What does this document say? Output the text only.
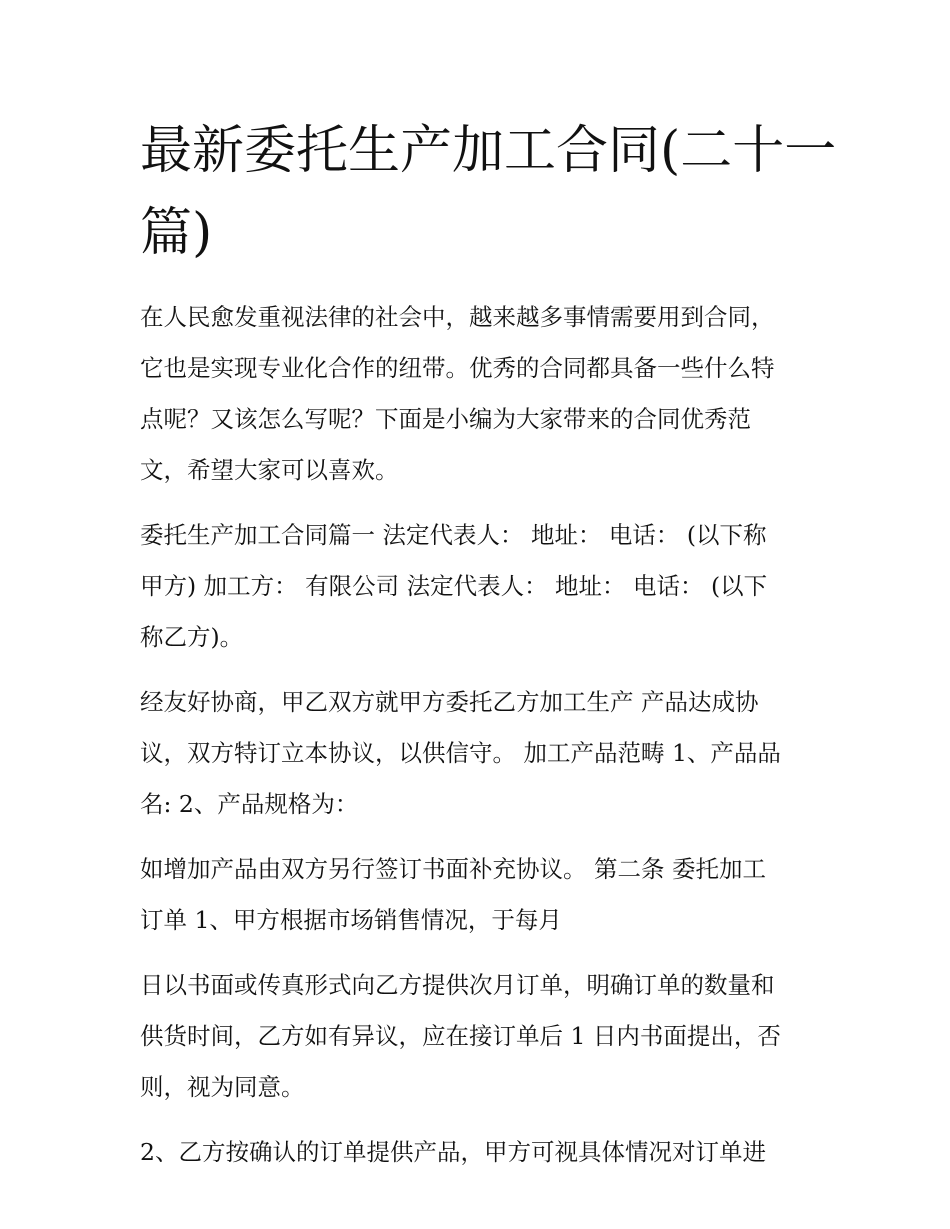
最新委托生产加工合同(二十一
篇)

在人民愈发重视法律的社会中，越来越多事情需要用到合同，
它也是实现专业化合作的纽带。优秀的合同都具备一些什么特
点呢？又该怎么写呢？下面是小编为大家带来的合同优秀范
文，希望大家可以喜欢。

委托生产加工合同篇一 法定代表人： 地址： 电话： (以下称
甲方) 加工方： 有限公司 法定代表人： 地址： 电话： (以下
称乙方)。

经友好协商，甲乙双方就甲方委托乙方加工生产 产品达成协
议，双方特订立本协议，以供信守。 加工产品范畴 1、产品品
名: 2、产品规格为：

如增加产品由双方另行签订书面补充协议。 第二条 委托加工
订单 1、甲方根据市场销售情况，于每月

日以书面或传真形式向乙方提供次月订单，明确订单的数量和
供货时间，乙方如有异议，应在接订单后 1 日内书面提出，否
则，视为同意。

2、乙方按确认的订单提供产品，甲方可视具体情况对订单进
